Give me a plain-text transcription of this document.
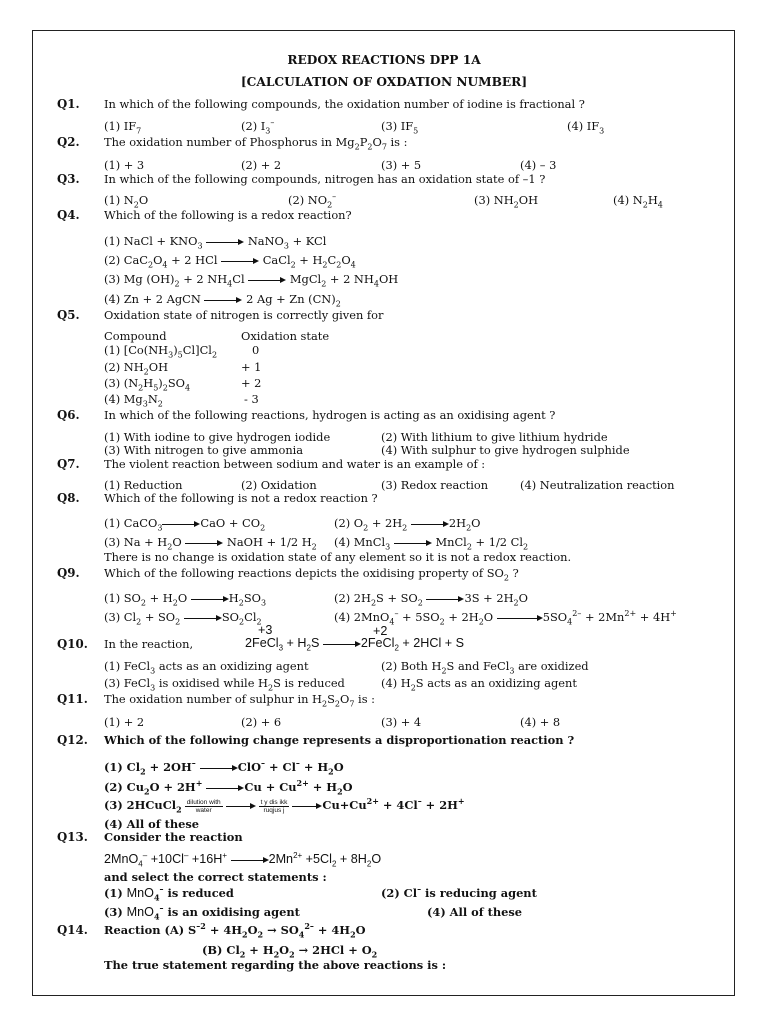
REDOX REACTIONS DPP 1A
[CALCULATION OF OXDATION NUMBER]
Q1. In which of the following compounds, the oxidation number of iodine is fractional ?
(1) $IF_7$	(2) $I_3^-$	(3) $IF_5$	(4) $IF_3$
Q2. The oxidation number of Phosphorus in $Mg_2P_2O_7$ is :
(1) + 3	(2) + 2	(3) + 5	(4) – 3
Q3. In which of the following compounds, nitrogen has an oxidation state of –1 ?
(1) $N_2O$	(2) $NO_2^-$	(3) $NH_2OH$	(4) $N_2H_4$
Q4. Which of the following is a redox reaction?
(1) NaCl + $KNO_3$	NaNO$_3$ + KCl
(2) $CaC_2O_4 + 2$ HCl	CaCl$_2$ + $H_2C_2O_4$
(3) Mg $(OH)_2 + 2$ $NH_4Cl$	MgCl$_2$ + 2 $NH_4OH$
(4) Zn + 2 AgCN	2 Ag + Zn $(CN)_2$
Q5. Oxidation state of nitrogen is correctly given for
Compound	Oxidation state
(1) $[Co(NH_3)_5Cl]Cl_2$	0
(2) $NH_2OH$	+ 1
(3) $(N_2H_5)_2SO_4$	+ 2
(4) $Mg_3N_2$	- 3
Q6. In which of the following reactions, hydrogen is acting as an oxidising agent ?
(1) With iodine to give hydrogen iodide	(2) With lithium to give lithium hydride
(3) With nitrogen to give ammonia	(4) With sulphur to give hydrogen sulphide
Q7. The violent reaction between sodium and water is an example of :
(1) Reduction	(2) Oxidation	(3) Redox reaction	(4) Neutralization reaction
Q8. Which of the following is not a redox reaction ?
(1) CaCO$_3$	CaO + $CO_2$	(2) $O_2 + 2H_2$	$2H_2O$
(3) $Na + H_2O$	NaOH + 1/2 $H_2$ (4) MnCl$_3$	MnCl$_2$ + 1/2 $Cl_2$
There is no change is oxidation state of any element so it is not a redox reaction.
Q9. Which of the following reactions depicts the oxidising property of $SO_2$ ?
(1) $SO_2 + H_2O$	$H_2SO_3$	(2) $2H_2S + SO_2$	$3S + 2H_2O$
(3) $Cl_2 + SO_2$	$SO_2Cl_2$	(4) $2MnO_4^- + 5SO_2 + 2H_2O$	$5SO_4^{2-} + 2Mn^{2+} + 4H^+$
+3	+2
Q10. In the reaction,	2FeCl$_3$ + $H_2S$	2FeCl$_2$ + 2HCl + S
(1) FeCl$_3$ acts as an oxidizing agent	(2) Both $H_2S$ and FeCl$_3$ are oxidized
(3) FeCl$_3$ is oxidised while $H_2S$ is reduced	(4) $H_2S$ acts as an oxidizing agent
Q11. The oxidation number of sulphur in $H_2S_2O_7$ is :
(1) + 2	(2) + 6	(3) + 4	(4) + 8
Q12. Which of the following change represents a disproportionation reaction ?
(1) $Cl_2 + 2OH^-$	$ClO^- + Cl^- + H_2O$
(2) $Cu_2O + 2H^+$	$Cu + Cu^{2+} + H_2O$
(3) 2HCuCl$_2$ $\frac{\text{dilution with}}{\text{water}}$	$\frac{\text{t y dis ikk}}{\text{ruqjus j}}$	$Cu+Cu^{2+} + 4Cl^- + 2H^+$
(4) All of these
Q13. Consider the reaction
2MnO$_4$– +10Cl– +16H+	$2Mn^{2+} +5Cl_2 + 8H_2O$
and select the correct statements :
(1) MnO$_4$– is reduced	(2) Cl– is reducing agent
(3) MnO$_4$– is an oxidising agent	(4) All of these
Q14. Reaction (A) $S^{-2} + 4H_2O_2 \to SO_4^{2-} + 4H_2O$
(B) $Cl_2 + H_2O_2 \to 2HCl + O_2$
The true statement regarding the above reactions is :
